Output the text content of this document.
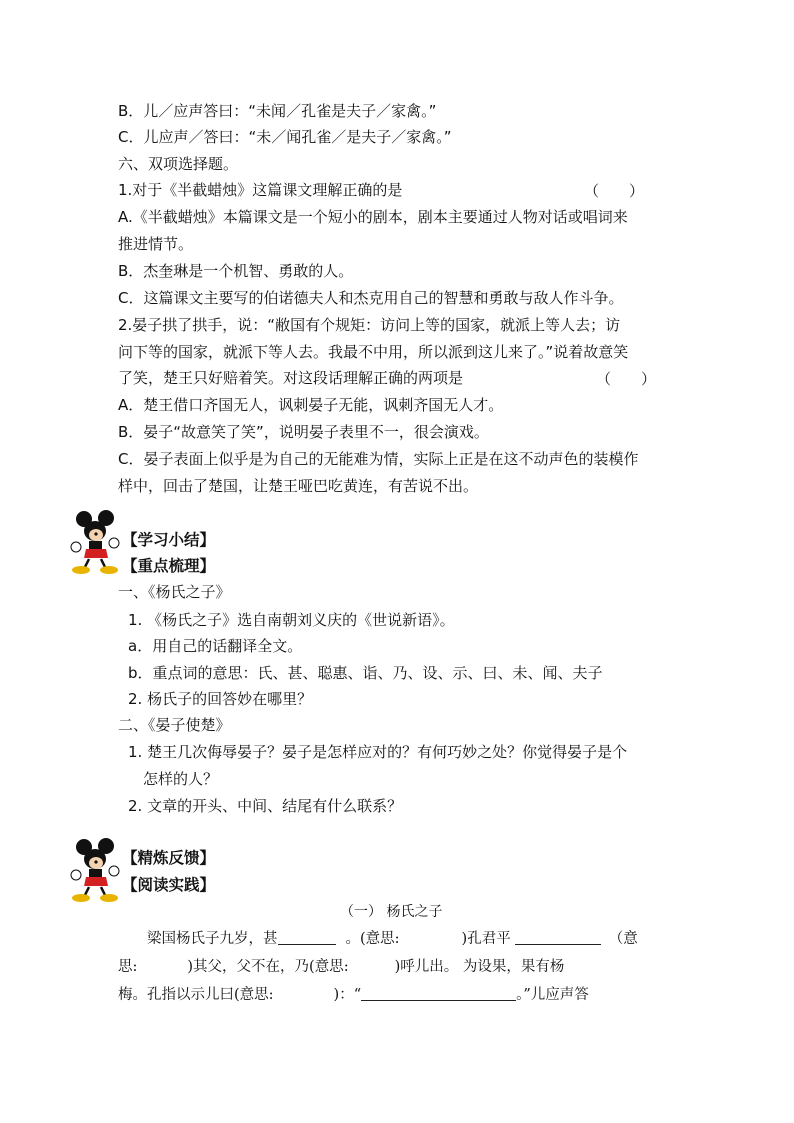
B．儿／应声答曰：“未闻／孔雀是夫子／家禽。”
C．儿应声／答曰：“未／闻孔雀／是夫子／家禽。”
六、双项选择题。
1.对于《半截蜡烛》这篇课文理解正确的是	（　　）
A.《半截蜡烛》本篇课文是一个短小的剧本，剧本主要通过人物对话或唱词来
推进情节。
B．杰奎琳是一个机智、勇敢的人。
C．这篇课文主要写的伯诺德夫人和杰克用自己的智慧和勇敢与敌人作斗争。
2.晏子拱了拱手，说：“敝国有个规矩：访问上等的国家，就派上等人去；访
问下等的国家，就派下等人去。我最不中用，所以派到这儿来了。”说着故意笑
了笑，楚王只好赔着笑。对这段话理解正确的两项是	（　　）
A．楚王借口齐国无人，讽刺晏子无能，讽刺齐国无人才。
B．晏子“故意笑了笑”，说明晏子表里不一，很会演戏。
C．晏子表面上似乎是为自己的无能难为情，实际上正是在这不动声色的装模作
样中，回击了楚国，让楚王哑巴吃黄连，有苦说不出。
【学习小结】
【重点梳理】
一、《杨氏之子》
1. 《杨氏之子》选自南朝刘义庆的《世说新语》。
a．用自己的话翻译全文。
b．重点词的意思：氏、甚、聪惠、诣、乃、设、示、曰、未、闻、夫子
2. 杨氏子的回答妙在哪里？
二、《晏子使楚》
1. 楚王几次侮辱晏子？晏子是怎样应对的？有何巧妙之处？你觉得晏子是个
怎样的人？
2. 文章的开头、中间、结尾有什么联系？
【精炼反馈】
【阅读实践】
（一） 杨氏之子
梁国杨氏子九岁，甚	。(意思:	)孔君平	（意
思:	)其父，父不在，乃(意思:	)呼儿出。 为设果，果有杨
梅。孔指以示儿曰(意思:	)：“	。”儿应声答
